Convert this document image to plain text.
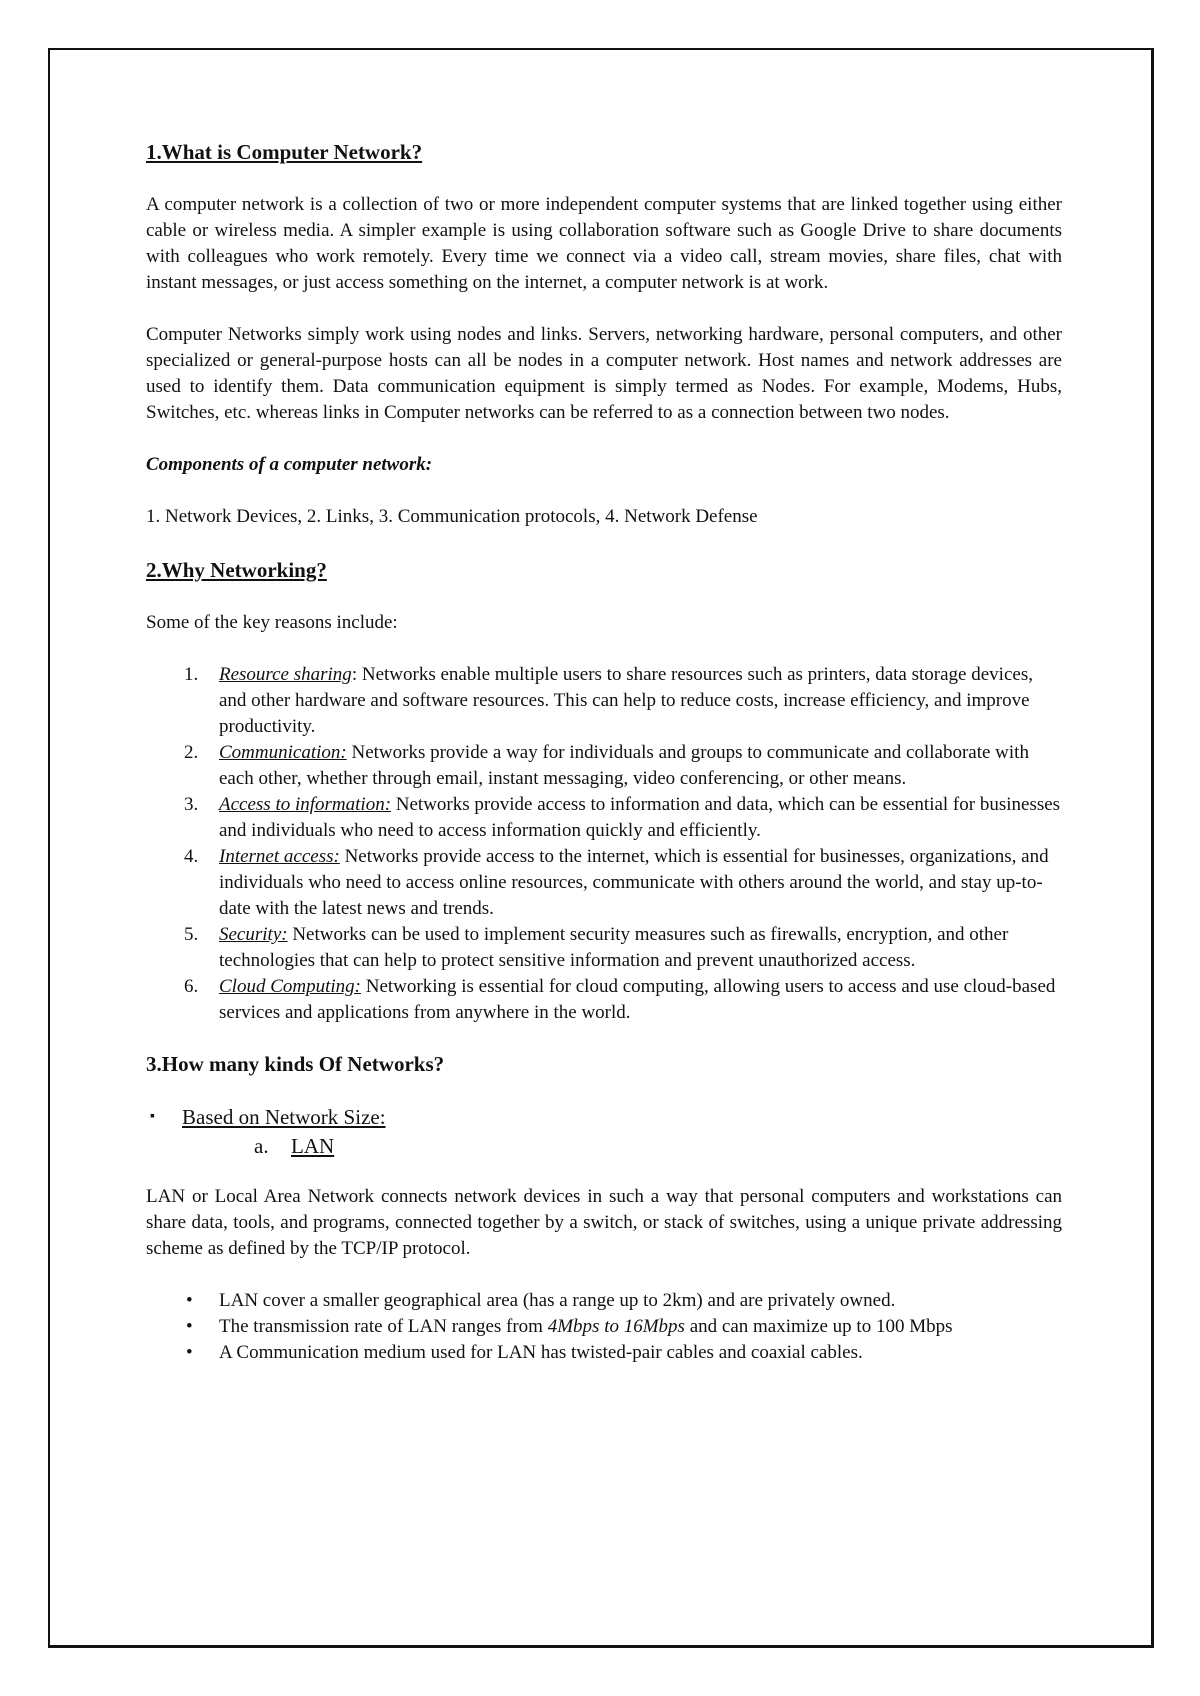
1.What is Computer Network?

A computer network is a collection of two or more independent computer systems that are linked together using either cable or wireless media. A simpler example is using collaboration software such as Google Drive to share documents with colleagues who work remotely. Every time we connect via a video call, stream movies, share files, chat with instant messages, or just access something on the internet, a computer network is at work.

Computer Networks simply work using nodes and links. Servers, networking hardware, personal computers, and other specialized or general-purpose hosts can all be nodes in a computer network. Host names and network addresses are used to identify them. Data communication equipment is simply termed as Nodes. For example, Modems, Hubs, Switches, etc. whereas links in Computer networks can be referred to as a connection between two nodes.

Components of a computer network:

1. Network Devices, 2. Links, 3. Communication protocols, 4. Network Defense

2.Why Networking?

Some of the key reasons include:

1. Resource sharing: Networks enable multiple users to share resources such as printers, data storage devices, and other hardware and software resources. This can help to reduce costs, increase efficiency, and improve productivity.
2. Communication: Networks provide a way for individuals and groups to communicate and collaborate with each other, whether through email, instant messaging, video conferencing, or other means.
3. Access to information: Networks provide access to information and data, which can be essential for businesses and individuals who need to access information quickly and efficiently.
4. Internet access: Networks provide access to the internet, which is essential for businesses, organizations, and individuals who need to access online resources, communicate with others around the world, and stay up-to-date with the latest news and trends.
5. Security: Networks can be used to implement security measures such as firewalls, encryption, and other technologies that can help to protect sensitive information and prevent unauthorized access.
6. Cloud Computing: Networking is essential for cloud computing, allowing users to access and use cloud-based services and applications from anywhere in the world.
3.How many kinds Of Networks?
▪ Based on Network Size:
a. LAN

LAN or Local Area Network connects network devices in such a way that personal computers and workstations can share data, tools, and programs, connected together by a switch, or stack of switches, using a unique private addressing scheme as defined by the TCP/IP protocol.

• LAN cover a smaller geographical area (has a range up to 2km) and are privately owned.
• The transmission rate of LAN ranges from 4Mbps to 16Mbps and can maximize up to 100 Mbps
• A Communication medium used for LAN has twisted-pair cables and coaxial cables.
